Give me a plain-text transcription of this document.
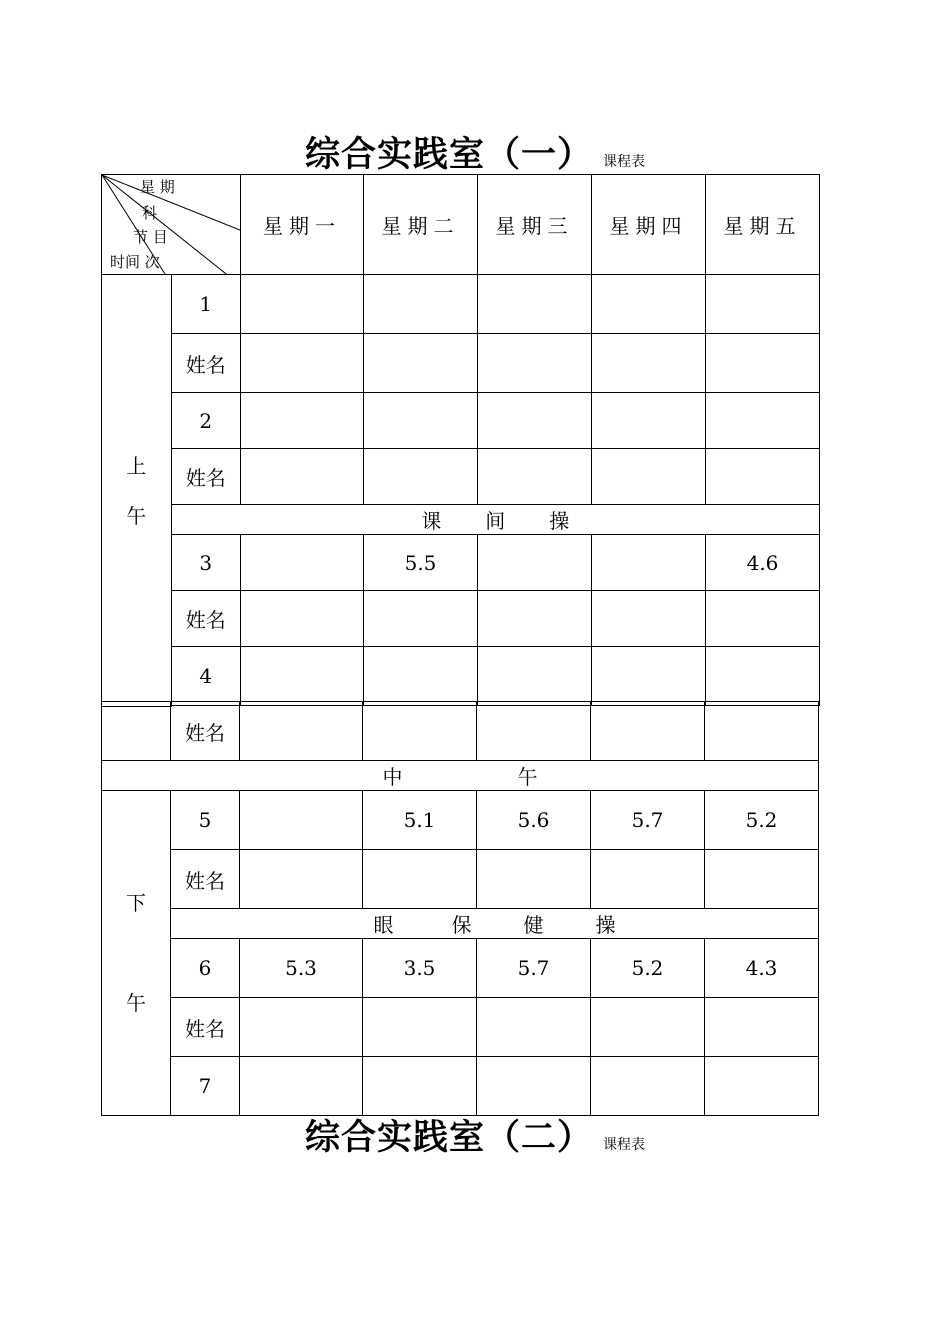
综合实践室（一） 课程表
星 期
科
节 目
时间 次		星期一	星期二	星期三	星期四	星期五
上
午	1					
	姓名					
	2					
	姓名					
	课 间 操					
	3		5.5			4.6
	姓名					
	4					

	姓名					
中 午						
下

午	5		5.1	5.6	5.7	5.2
	姓名					
	眼 保 健 操					
	6	5.3	3.5	5.7	5.2	4.3
	姓名					
	7					
综合实践室（二） 课程表
